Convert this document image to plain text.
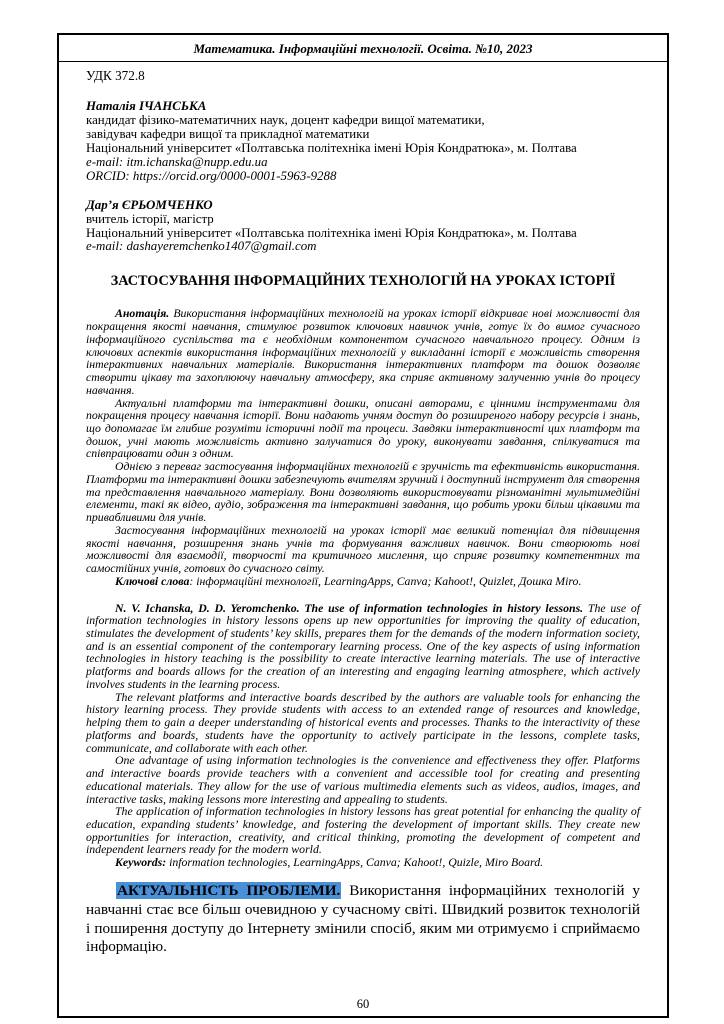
Математика. Інформаційні технології. Освіта. №10, 2023
УДК 372.8
Наталія ІЧАНСЬКА
кандидат фізико-математичних наук, доцент кафедри вищої математики,
завідувач кафедри вищої та прикладної математики
Національний університет «Полтавська політехніка імені Юрія Кондратюка», м. Полтава
e-mail: itm.ichanska@nupp.edu.ua
ORCID: https://orcid.org/0000-0001-5963-9288
Дар’я ЄРЬОМЧЕНКО
вчитель історії, магістр
Національний університет «Полтавська політехніка імені Юрія Кондратюка», м. Полтава
e-mail: dashayeremchenko1407@gmail.com
ЗАСТОСУВАННЯ ІНФОРМАЦІЙНИХ ТЕХНОЛОГІЙ НА УРОКАХ ІСТОРІЇ

Анотація. Використання інформаційних технологій на уроках історії відкриває нові можливості для покращення якості навчання, стимулює розвиток ключових навичок учнів, готує їх до вимог сучасного інформаційного суспільства та є необхідним компонентом сучасного навчального процесу. Одним із ключових аспектів використання інформаційних технологій у викладанні історії є можливість створення інтерактивних навчальних матеріалів. Використання інтерактивних платформ та дошок дозволяє створити цікаву та захоплюючу навчальну атмосферу, яка сприяє активному залученню учнів до процесу навчання.

Актуальні платформи та інтерактивні дошки, описані авторами, є цінними інструментами для покращення процесу навчання історії. Вони надають учням доступ до розширеного набору ресурсів і знань, що допомагає їм глибше розуміти історичні події та процеси. Завдяки інтерактивності цих платформ та дошок, учні мають можливість активно залучатися до уроку, виконувати завдання, спілкуватися та співпрацювати один з одним.

Однією з переваг застосування інформаційних технологій є зручність та ефективність використання. Платформи та інтерактивні дошки забезпечують вчителям зручний і доступний інструмент для створення та представлення навчального матеріалу. Вони дозволяють використовувати різноманітні мультимедійні елементи, такі як відео, аудіо, зображення та інтерактивні завдання, що робить уроки більш цікавими та привабливими для учнів.

Застосування інформаційних технологій на уроках історії має великий потенціал для підвищення якості навчання, розширення знань учнів та формування важливих навичок. Вони створюють нові можливості для взаємодії, творчості та критичного мислення, що сприяє розвитку компетентних та самостійних учнів, готових до сучасного світу.

Ключові слова: інформаційні технології, LearningApps, Canva; Kahoot!, Quizlet, Дошка Miro.

N. V. Ichanska, D. D. Yeromchenko. The use of information technologies in history lessons. The use of information technologies in history lessons opens up new opportunities for improving the quality of education, stimulates the development of students’ key skills, prepares them for the demands of the modern information society, and is an essential component of the contemporary learning process. One of the key aspects of using information technologies in history teaching is the possibility to create interactive learning materials. The use of interactive platforms and boards allows for the creation of an interesting and engaging learning atmosphere, which actively involves students in the learning process.

The relevant platforms and interactive boards described by the authors are valuable tools for enhancing the history learning process. They provide students with access to an extended range of resources and knowledge, helping them to gain a deeper understanding of historical events and processes. Thanks to the interactivity of these platforms and boards, students have the opportunity to actively participate in the lessons, complete tasks, communicate, and collaborate with each other.

One advantage of using information technologies is the convenience and effectiveness they offer. Platforms and interactive boards provide teachers with a convenient and accessible tool for creating and presenting educational materials. They allow for the use of various multimedia elements such as videos, audios, images, and interactive tasks, making lessons more interesting and appealing to students.

The application of information technologies in history lessons has great potential for enhancing the quality of education, expanding students’ knowledge, and fostering the development of important skills. They create new opportunities for interaction, creativity, and critical thinking, promoting the development of competent and independent learners ready for the modern world.

Keywords: information technologies, LearningApps, Canva; Kahoot!, Quizle, Miro Board.

АКТУАЛЬНІСТЬ ПРОБЛЕМИ. Використання інформаційних технологій у навчанні стає все більш очевидною у сучасному світі. Швидкий розвиток технологій і поширення доступу до Інтернету змінили спосіб, яким ми отримуємо і сприймаємо інформацію.

60
